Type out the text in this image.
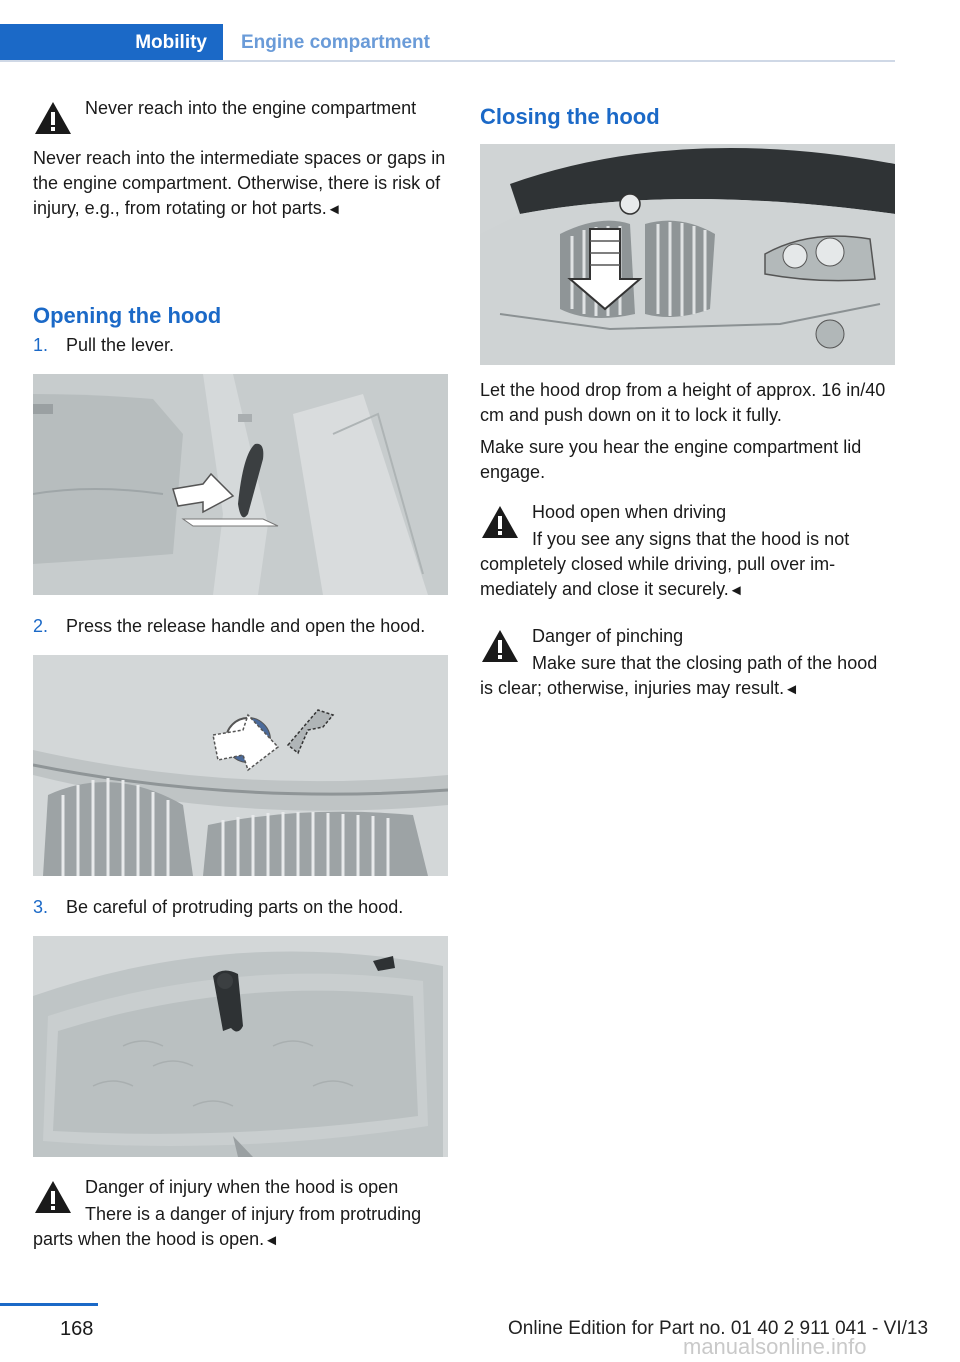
Mobility	Engine compartment
Never reach into the engine compartment

Never reach into the intermediate spaces or gaps in the engine compartment. Otherwise, there is risk of injury, e.g., from rotating or hot parts.◄

Opening the hood
1. Pull the lever.
2. Press the release handle and open the hood.
3. Be careful of protruding parts on the hood.
Danger of injury when the hood is open

There is a danger of injury from protruding parts when the hood is open.◄

Closing the hood

Let the hood drop from a height of approx. 16 in/40 cm and push down on it to lock it fully.

Make sure you hear the engine compartment lid engage.

Hood open when driving

If you see any signs that the hood is not completely closed while driving, pull over immediately and close it securely.◄

Danger of pinching

Make sure that the closing path of the hood is clear; otherwise, injuries may result.◄

168	Online Edition for Part no. 01 40 2 911 041 - VI/13
manualsonline.info
